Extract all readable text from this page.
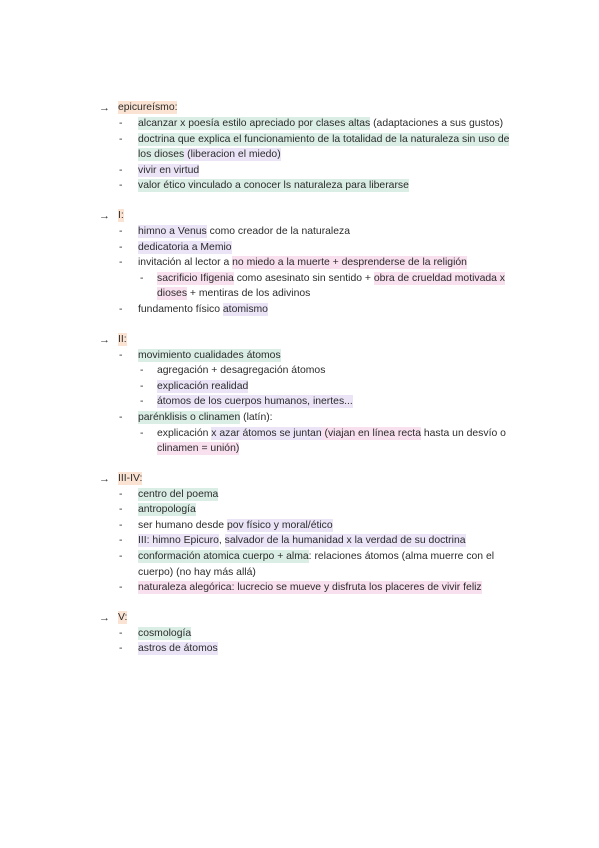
→ epicureísmo:
- alcanzar x poesía estilo apreciado por clases altas (adaptaciones a sus gustos)
- doctrina que explica el funcionamiento de la totalidad de la naturaleza sin uso de los dioses (liberacion el miedo)
- vivir en virtud
- valor ético vinculado a conocer ls naturaleza para liberarse
→ I:
- himno a Venus como creador de la naturaleza
- dedicatoria a Memio
- invitación al lector a no miedo a la muerte + desprenderse de la religión
- sacrificio Ifigenia como asesinato sin sentido + obra de crueldad motivada x dioses + mentiras de los adivinos
- fundamento físico atomismo
→ II:
- movimiento cualidades átomos
- agregación + desagregación átomos
- explicación realidad
- átomos de los cuerpos humanos, inertes...
- parénklisis o clinamen (latín):
- explicación x azar átomos se juntan (viajan en línea recta hasta un desvío o clinamen = unión)
→ III-IV:
- centro del poema
- antropología
- ser humano desde pov físico y moral/ético
- III: himno Epicuro, salvador de la humanidad x la verdad de su doctrina
- conformación atomica cuerpo + alma: relaciones átomos (alma muerre con el cuerpo) (no hay más allá)
- naturaleza alegórica: lucrecio se mueve y disfruta los placeres de vivir feliz
→ V:
- cosmología
- astros de átomos
